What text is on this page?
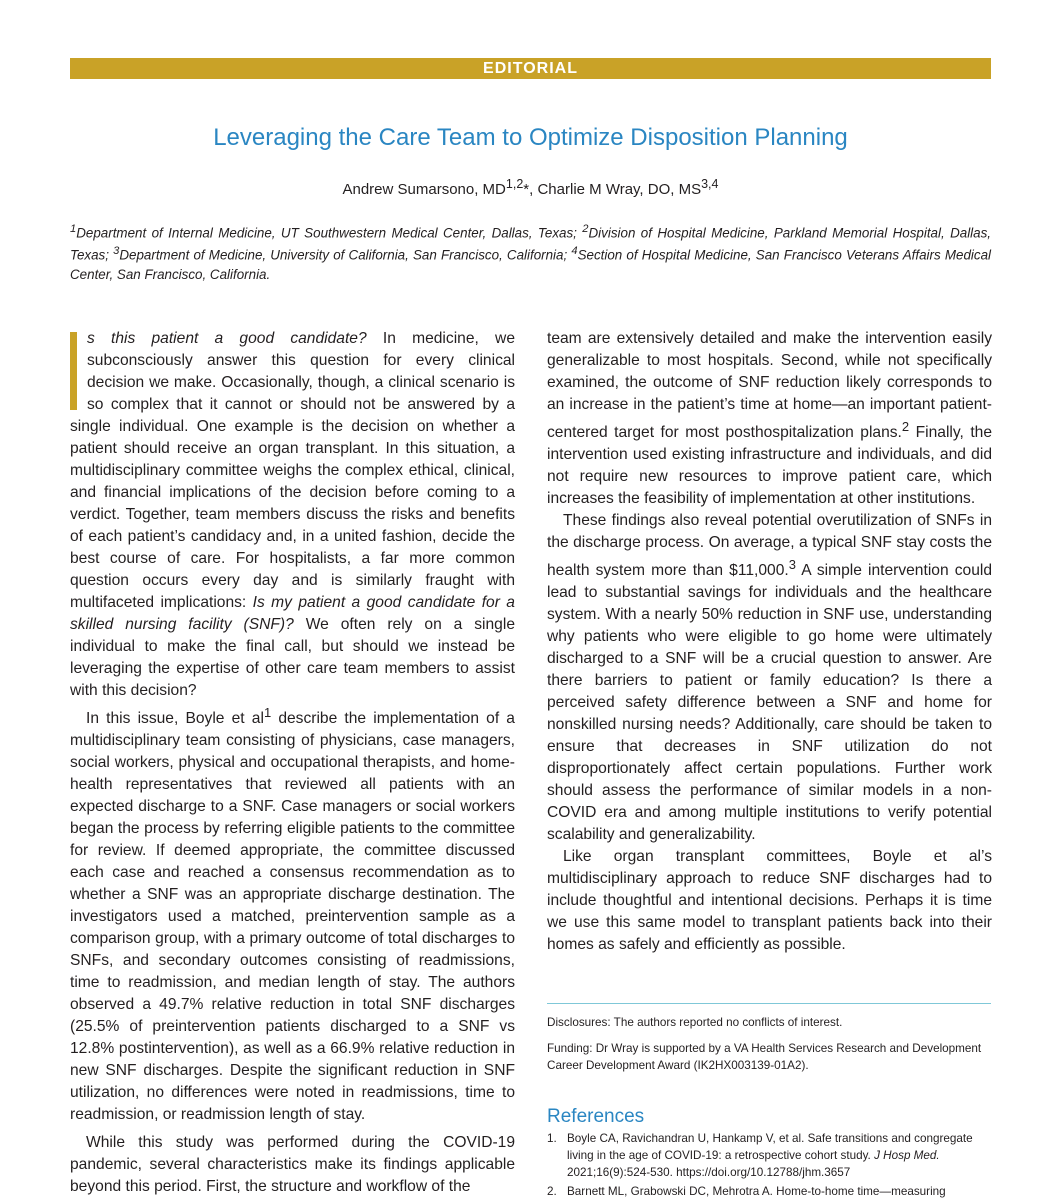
EDITORIAL
Leveraging the Care Team to Optimize Disposition Planning
Andrew Sumarsono, MD$^{1,2}$*, Charlie M Wray, DO, MS$^{3,4}$
$^1$Department of Internal Medicine, UT Southwestern Medical Center, Dallas, Texas; $^2$Division of Hospital Medicine, Parkland Memorial Hospital, Dallas, Texas; $^3$Department of Medicine, University of California, San Francisco, California; $^4$Section of Hospital Medicine, San Francisco Veterans Affairs Medical Center, San Francisco, California.

s this patient a good candidate? In medicine, we subconsciously answer this question for every clinical decision we make. Occasionally, though, a clinical scenario is so complex that it cannot or should not be answered by a single individual. One example is the decision on whether a patient should receive an organ transplant. In this situation, a multidisciplinary committee weighs the complex ethical, clinical, and financial implications of the decision before coming to a verdict. Together, team members discuss the risks and benefits of each patient’s candidacy and, in a united fashion, decide the best course of care. For hospitalists, a far more common question occurs every day and is similarly fraught with multifaceted implications: Is my patient a good candidate for a skilled nursing facility (SNF)? We often rely on a single individual to make the final call, but should we instead be leveraging the expertise of other care team members to assist with this decision?

In this issue, Boyle et $al^1$ describe the implementation of a multidisciplinary team consisting of physicians, case managers, social workers, physical and occupational therapists, and home-health representatives that reviewed all patients with an expected discharge to a SNF. Case managers or social workers began the process by referring eligible patients to the committee for review. If deemed appropriate, the committee discussed each case and reached a consensus recommendation as to whether a SNF was an appropriate discharge destination. The investigators used a matched, preintervention sample as a comparison group, with a primary outcome of total discharges to SNFs, and secondary outcomes consisting of readmissions, time to readmission, and median length of stay. The authors observed a 49.7% relative reduction in total SNF discharges (25.5% of preintervention patients discharged to a SNF vs 12.8% postintervention), as well as a 66.9% relative reduction in new SNF discharges. Despite the significant reduction in SNF utilization, no differences were noted in readmissions, time to readmission, or readmission length of stay.

While this study was performed during the COVID-19 pandemic, several characteristics make its findings applicable beyond this period. First, the structure and workflow of the

team are extensively detailed and make the intervention easily generalizable to most hospitals. Second, while not specifically examined, the outcome of SNF reduction likely corresponds to an increase in the patient’s time at home—an important patient-centered target for most posthospitalization plans.$^2$ Finally, the intervention used existing infrastructure and individuals, and did not require new resources to improve patient care, which increases the feasibility of implementation at other institutions.

These findings also reveal potential overutilization of SNFs in the discharge process. On average, a typical SNF stay costs the health system more than $11,000.$^3$ A simple intervention could lead to substantial savings for individuals and the healthcare system. With a nearly 50% reduction in SNF use, understanding why patients who were eligible to go home were ultimately discharged to a SNF will be a crucial question to answer. Are there barriers to patient or family education? Is there a perceived safety difference between a SNF and home for nonskilled nursing needs? Additionally, care should be taken to ensure that decreases in SNF utilization do not disproportionately affect certain populations. Further work should assess the performance of similar models in a non-COVID era and among multiple institutions to verify potential scalability and generalizability.

Like organ transplant committees, Boyle et al’s multidisciplinary approach to reduce SNF discharges had to include thoughtful and intentional decisions. Perhaps it is time we use this same model to transplant patients back into their homes as safely and efficiently as possible.

Disclosures: The authors reported no conflicts of interest.
Funding: Dr Wray is supported by a VA Health Services Research and Development Career Development Award (IK2HX003139-01A2).
References
1. Boyle CA, Ravichandran U, Hankamp V, et al. Safe transitions and congregate living in the age of COVID-19: a retrospective cohort study. J Hosp Med. 2021;16(9):524-530. https://doi.org/10.12788/jhm.3657
2. Barnett ML, Grabowski DC, Mehrotra A. Home-to-home time—measuring
